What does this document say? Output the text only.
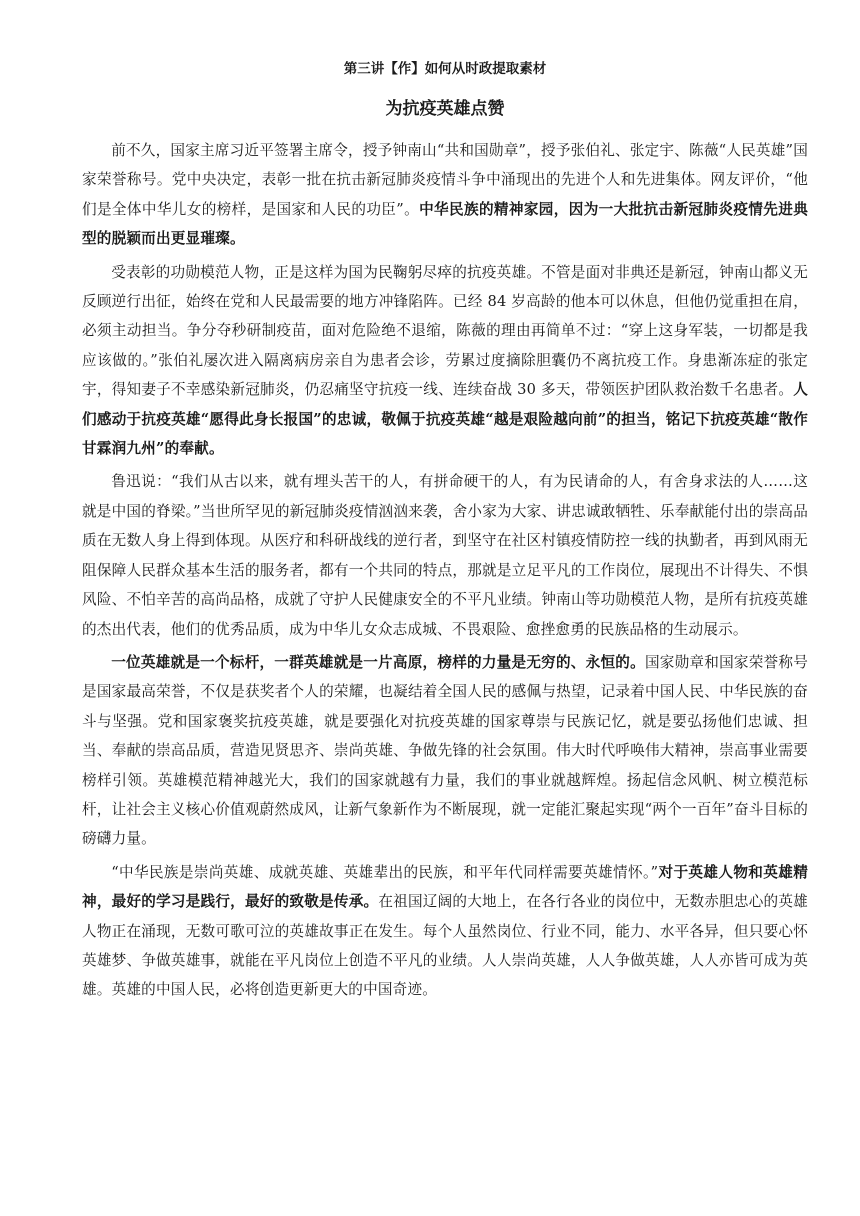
第三讲【作】如何从时政提取素材
为抗疫英雄点赞

前不久，国家主席习近平签署主席令，授予钟南山“共和国勋章”，授予张伯礼、张定宇、陈薇“人民英雄”国家荣誉称号。党中央决定，表彰一批在抗击新冠肺炎疫情斗争中涌现出的先进个人和先进集体。网友评价，“他们是全体中华儿女的榜样，是国家和人民的功臣”。中华民族的精神家园，因为一大批抗击新冠肺炎疫情先进典型的脱颖而出更显璀璨。

受表彰的功勋模范人物，正是这样为国为民鞠躬尽瘁的抗疫英雄。不管是面对非典还是新冠，钟南山都义无反顾逆行出征，始终在党和人民最需要的地方冲锋陷阵。已经 84 岁高龄的他本可以休息，但他仍觉重担在肩，必须主动担当。争分夺秒研制疫苗，面对危险绝不退缩，陈薇的理由再简单不过：“穿上这身军装，一切都是我应该做的。”张伯礼屡次进入隔离病房亲自为患者会诊，劳累过度摘除胆囊仍不离抗疫工作。身患渐冻症的张定宇，得知妻子不幸感染新冠肺炎，仍忍痛坚守抗疫一线、连续奋战 30 多天，带领医护团队救治数千名患者。人们感动于抗疫英雄“愿得此身长报国”的忠诚，敬佩于抗疫英雄“越是艰险越向前”的担当，铭记下抗疫英雄“散作甘霖润九州”的奉献。

鲁迅说：“我们从古以来，就有埋头苦干的人，有拼命硬干的人，有为民请命的人，有舍身求法的人……这就是中国的脊梁。”当世所罕见的新冠肺炎疫情汹汹来袭，舍小家为大家、讲忠诚敢牺牲、乐奉献能付出的崇高品质在无数人身上得到体现。从医疗和科研战线的逆行者，到坚守在社区村镇疫情防控一线的执勤者，再到风雨无阻保障人民群众基本生活的服务者，都有一个共同的特点，那就是立足平凡的工作岗位，展现出不计得失、不惧风险、不怕辛苦的高尚品格，成就了守护人民健康安全的不平凡业绩。钟南山等功勋模范人物，是所有抗疫英雄的杰出代表，他们的优秀品质，成为中华儿女众志成城、不畏艰险、愈挫愈勇的民族品格的生动展示。

一位英雄就是一个标杆，一群英雄就是一片高原，榜样的力量是无穷的、永恒的。国家勋章和国家荣誉称号是国家最高荣誉，不仅是获奖者个人的荣耀，也凝结着全国人民的感佩与热望，记录着中国人民、中华民族的奋斗与坚强。党和国家褒奖抗疫英雄，就是要强化对抗疫英雄的国家尊崇与民族记忆，就是要弘扬他们忠诚、担当、奉献的崇高品质，营造见贤思齐、崇尚英雄、争做先锋的社会氛围。伟大时代呼唤伟大精神，崇高事业需要榜样引领。英雄模范精神越光大，我们的国家就越有力量，我们的事业就越辉煌。扬起信念风帆、树立模范标杆，让社会主义核心价值观蔚然成风，让新气象新作为不断展现，就一定能汇聚起实现“两个一百年”奋斗目标的磅礴力量。

“中华民族是崇尚英雄、成就英雄、英雄辈出的民族，和平年代同样需要英雄情怀。”对于英雄人物和英雄精神，最好的学习是践行，最好的致敬是传承。在祖国辽阔的大地上，在各行各业的岗位中，无数赤胆忠心的英雄人物正在涌现，无数可歌可泣的英雄故事正在发生。每个人虽然岗位、行业不同，能力、水平各异，但只要心怀英雄梦、争做英雄事，就能在平凡岗位上创造不平凡的业绩。人人崇尚英雄，人人争做英雄，人人亦皆可成为英雄。英雄的中国人民，必将创造更新更大的中国奇迹。
